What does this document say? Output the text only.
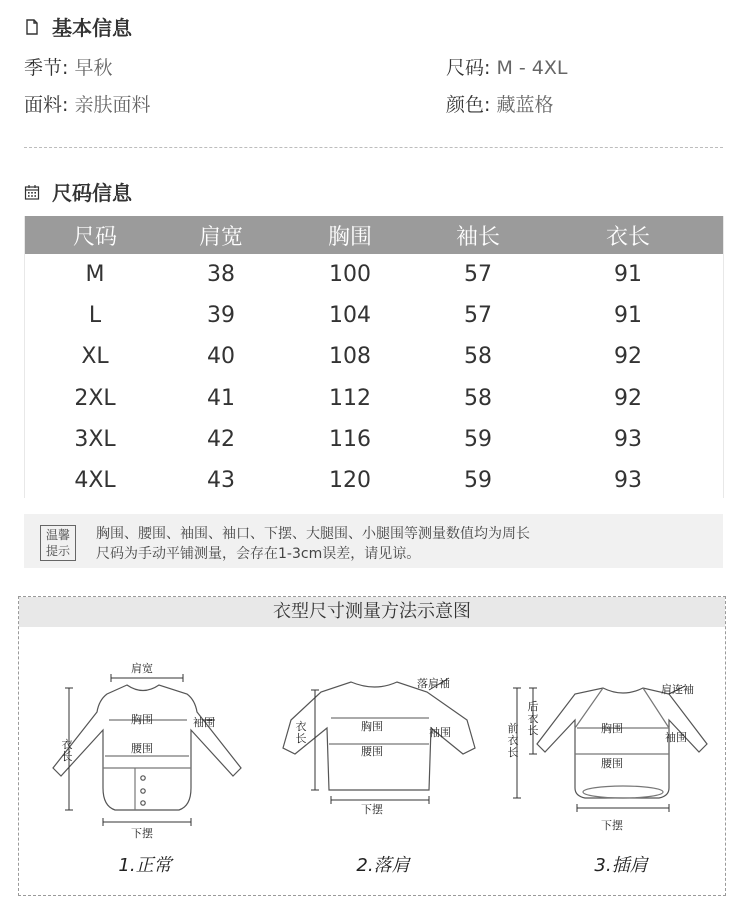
基本信息
季节: 早秋	尺码: M - 4XL
面料: 亲肤面料	颜色: 藏蓝格
尺码信息
尺码	肩宽	胸围	袖长	衣长
M	38	100	57	91
L	39	104	57	91
XL	40	108	58	92
2XL	41	112	58	92
3XL	42	116	59	93
4XL	43	120	59	93
温馨
提示
胸围、腰围、袖围、袖口、下摆、大腿围、小腿围等测量数值均为周长
尺码为手动平铺测量，会存在1-3cm误差，请见谅。
衣型尺寸测量方法示意图
肩宽
胸围	袖围
腰围
衣长
下摆
1.正常
落肩袖
胸围	袖围
腰围
衣长
下摆
2.落肩
肩连袖
后衣长
前衣长
胸围
袖围
腰围
下摆
3.插肩
